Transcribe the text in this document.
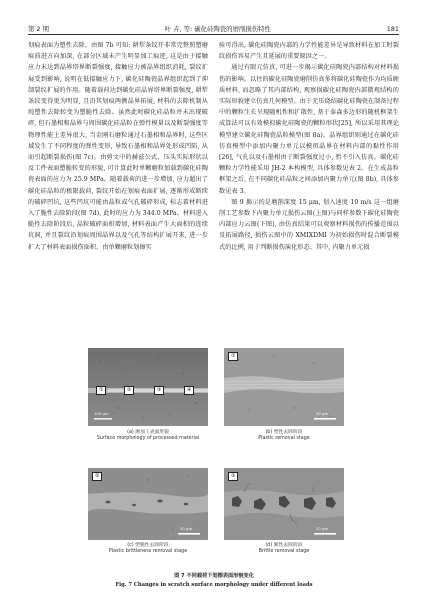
第 2 期	叶 卉, 等: 碳化硅陶瓷的磨削损伤特性	181

划痕表面为塑性去除。由图 7b 可知: 耕犁条纹开非常完整照塑磨痕前进方向加深, 在部分区域未产生明显加工痕迹, 这是由于接触应力未达到晶界塔界断裂强度, 接触应力被晶界组织消耗, 裂纹扩展受到影响, 说明在低接触应力下, 碳化硅陶瓷晶界组织起到了抑制裂纹扩展的作用。随着载荷达到碳化硅晶界塔界断裂强度, 耕犁条纹变得更为明显, 且沿其划痕两侧晶界拓展, 材料的去除机制从纯塑性去除转变为塑脆性去除。虽然此时碳化硅晶粒并未出现破碎, 但石墨相和晶界与周围碳化硅晶粒在弹性模量以及断裂强度等物理性能上差异很大, 当金刚石磨粒通过石墨相和晶界时, 这些区域发生了不同程度的弹性变形, 导致石墨相和晶界处形成凹陷, 从而引起断裂损伤(图 7c)。由剪文中的赫兹公式、压头实际形状以及工件表面塑脆转变的形貌, 可计算此时单颗磨粒加载到碳化硅陶瓷表面的应力为 25.9 MPa。随着载荷的进一步增加, 应力超出了碳化硅晶粒的极限载荷, 裂纹开始在划痕表面扩展, 逐渐形成断续的破碎凹坑, 这些凹坑可能由晶粒或气孔破碎形成, 标志着材料进入了脆性去除阶段(图 7d), 此时的应力为 344.0 MPa。材料进入脆性去除阶段后, 晶粒破碎面积增加, 材料表面产生大面积的连续坑洞, 并且裂纹沿划痕周围晶界以及气孔等结构扩展开来, 进一步扩大了材料表面损伤面积。由单颗磨粒划擦实

验可得出, 碳化硅陶瓷内部的力学性能差异是导致材料在加工时裂纹损伤容易产生且延展的重要原因之一。

通过有限元仿真, 可进一步揭示碳化硅陶瓷内部结构对材料损伤的影响。以往的碳化硅陶瓷磨削仿真多将碳化硅陶瓷作为均质硬质材料, 而忽略了其内部结构, 观察损碳化硅陶瓷内部微观结构的实际形貌建立仿真几何模型。由于无压烧结碳化硅陶瓷在制备过程中的颗粒生长呈现随机性和扩散性, 基于泰森多边形的随机框架生成算法可以有效模拟碳化硅陶瓷的颗粒形状[25], 所以采用其理论模型建立碳化硅陶瓷晶粒模型(图 8a)。晶界组织则通过在碳化硅仿真模型中添加内聚力单元以模拟晶界在材料内部的黏性作用[26], 气孔以及石墨相由于断裂强度过小, 暂不引入仿真。碳化硅颗粒力学性能采用 JH-2 本构模型, 具体参数见表 2。在生成晶粒框架之后, 在不同碳化硅晶粒之间添加内聚力单元(图 8b), 具体参数见表 3。

图 9 揭示的是磨削深度 15 μm, 划入速度 10 m/s 这一组磨削工艺参数下内聚力单元损伤云图(上图)与同样参数下碳化硅陶瓷内部应力云图(下图), 由仿真结果可以观察材料损伤的传播范围以及拓展路径, 损伤云图中的 XMIXDMI 为初始损伤时混合断裂模式的比例, 用于判断损伤演化形态。其中, 内聚力单元损

①	②	③	④
100 μm
(a) 磨加工表面形貌
Surface morphology of processed material
①
20 μm
(b) 塑性去除阶段
Plastic removal stage
②
20 μm
(c) 塑脆性去除阶段
Plastic brittleness removal stage
③
20 μm
(d) 脆性去除阶段
Brittle removal stage
图 7 不同载荷下划擦表面形貌变化
Fig. 7 Changes in scratch surface morphology under different loads
